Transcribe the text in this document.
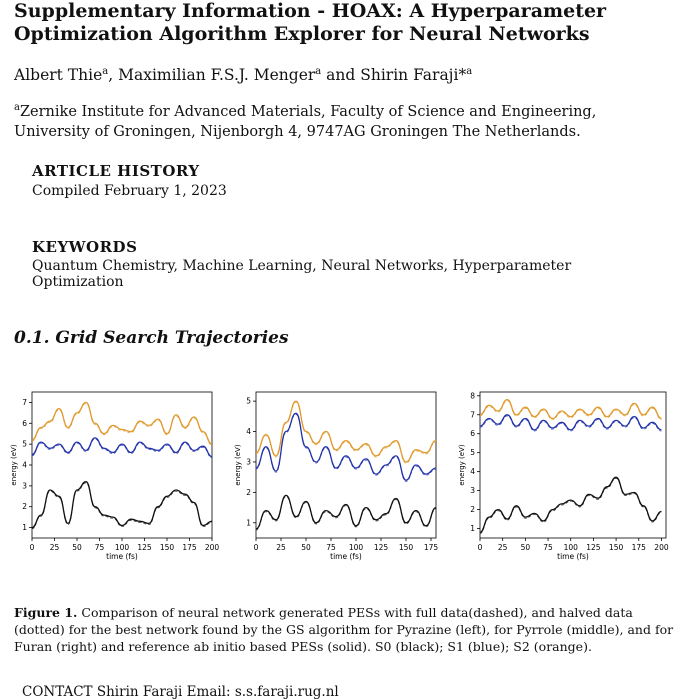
Supplementary Information - HOAX: A Hyperparameter Optimization Algorithm Explorer for Neural Networks
Albert Thie$^a$, Maximilian F.S.J. Menger$^a$ and Shirin Faraji*$^a$
$^a$Zernike Institute for Advanced Materials, Faculty of Science and Engineering, University of Groningen, Nijenborgh 4, 9747AG Groningen The Netherlands.
ARTICLE HISTORY
Compiled February 1, 2023
KEYWORDS
Quantum Chemistry, Machine Learning, Neural Networks, Hyperparameter Optimization
0.1. Grid Search Trajectories
0 25 50 75 100 125 150 175 200
1
2
3
4
5
6
7
time (fs)
energy (eV)
0 25 50 75 100 125 150 175
1
2
3
4
5
time (fs)
energy (eV)
0 25 50 75 100 125 150 175 200
1
2
3
4
5
6
7
8
time (fs)
energy (eV)
Figure 1. Comparison of neural network generated PESs with full data(dashed), and halved data (dotted) for the best network found by the GS algorithm for Pyrazine (left), for Pyrrole (middle), and for Furan (right) and reference ab initio based PESs (solid). S0 (black); S1 (blue); S2 (orange).
CONTACT Shirin Faraji Email: s.s.faraji.rug.nl
